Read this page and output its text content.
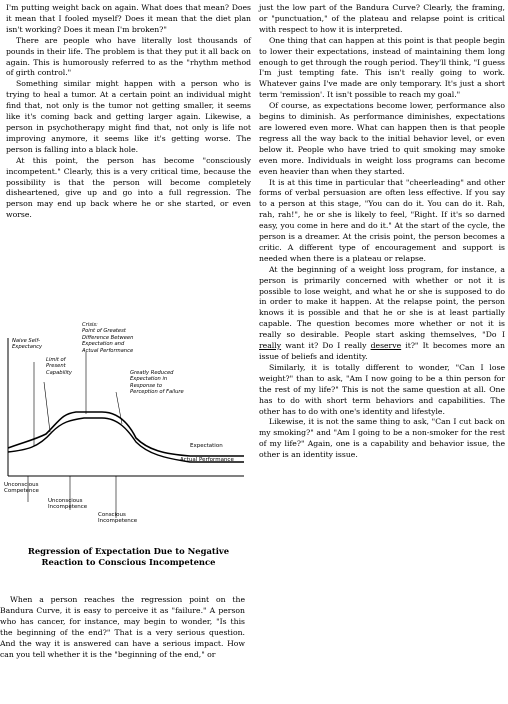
I'm putting weight back on again. What does that mean? Does it mean that I fooled myself? Does it mean that the diet plan isn't working? Does it mean I'm broken?"

There are people who have literally lost thousands of pounds in their life. The problem is that they put it all back on again. This is humorously referred to as the "rhythm method of girth control."

Something similar might happen with a person who is trying to heal a tumor. At a certain point an individual might find that, not only is the tumor not getting smaller, it seems like it's coming back and getting larger again. Likewise, a person in psychotherapy might find that, not only is life not improving anymore, it seems like it's getting worse. The person is falling into a black hole.

At this point, the person has become "consciously incompetent." Clearly, this is a very critical time, because the possibility is that the person will become completely disheartened, give up and go into a full regression. The person may end up back where he or she started, or even worse.

Naive Self-
Expectancy
Limit of
Present
Capability
Crisis:
Point of Greatest
Difference Between
Expectation and
Actual Performance
Greatly Reduced
Expectation in
Response to
Perception of Failure
Expectation
Actual Performance
Unconscious
Competence
Unconscious
Incompetence
Conscious
Incompetence
Regression of Expectation Due to Negative
Reaction to Conscious Incompetence

When a person reaches the regression point on the Bandura Curve, it is easy to perceive it as "failure." A person who has cancer, for instance, may begin to wonder, "Is this the beginning of the end?" That is a very serious question. And the way it is answered can have a serious impact. How can you tell whether it is the "beginning of the end," or

just the low part of the Bandura Curve? Clearly, the framing, or "punctuation," of the plateau and relapse point is critical with respect to how it is interpreted.

One thing that can happen at this point is that people begin to lower their expectations, instead of maintaining them long enough to get through the rough period. They'll think, "I guess I'm just tempting fate. This isn't really going to work. Whatever gains I've made are only temporary. It's just a short term 'remission'. It isn't possible to reach my goal."

Of course, as expectations become lower, performance also begins to diminish. As performance diminishes, expectations are lowered even more. What can happen then is that people regress all the way back to the initial behavior level, or even below it. People who have tried to quit smoking may smoke even more. Individuals in weight loss programs can become even heavier than when they started.

It is at this time in particular that "cheerleading" and other forms of verbal persuasion are often less effective. If you say to a person at this stage, "You can do it. You can do it. Rah, rah, rah!", he or she is likely to feel, "Right. If it's so darned easy, you come in here and do it." At the start of the cycle, the person is a dreamer. At the crisis point, the person becomes a critic. A different type of encouragement and support is needed when there is a plateau or relapse.

At the beginning of a weight loss program, for instance, a person is primarily concerned with whether or not it is possible to lose weight, and what he or she is supposed to do in order to make it happen. At the relapse point, the person knows it is possible and that he or she is at least partially capable. The question becomes more whether or not it is really so desirable. People start asking themselves, "Do I really want it? Do I really deserve it?" It becomes more an issue of beliefs and identity.

Similarly, it is totally different to wonder, "Can I lose weight?" than to ask, "Am I now going to be a thin person for the rest of my life?" This is not the same question at all. One has to do with short term behaviors and capabilities. The other has to do with one's identity and lifestyle.

Likewise, it is not the same thing to ask, "Can I cut back on my smoking?" and "Am I going to be a non-smoker for the rest of my life?" Again, one is a capability and behavior issue, the other is an identity issue.
